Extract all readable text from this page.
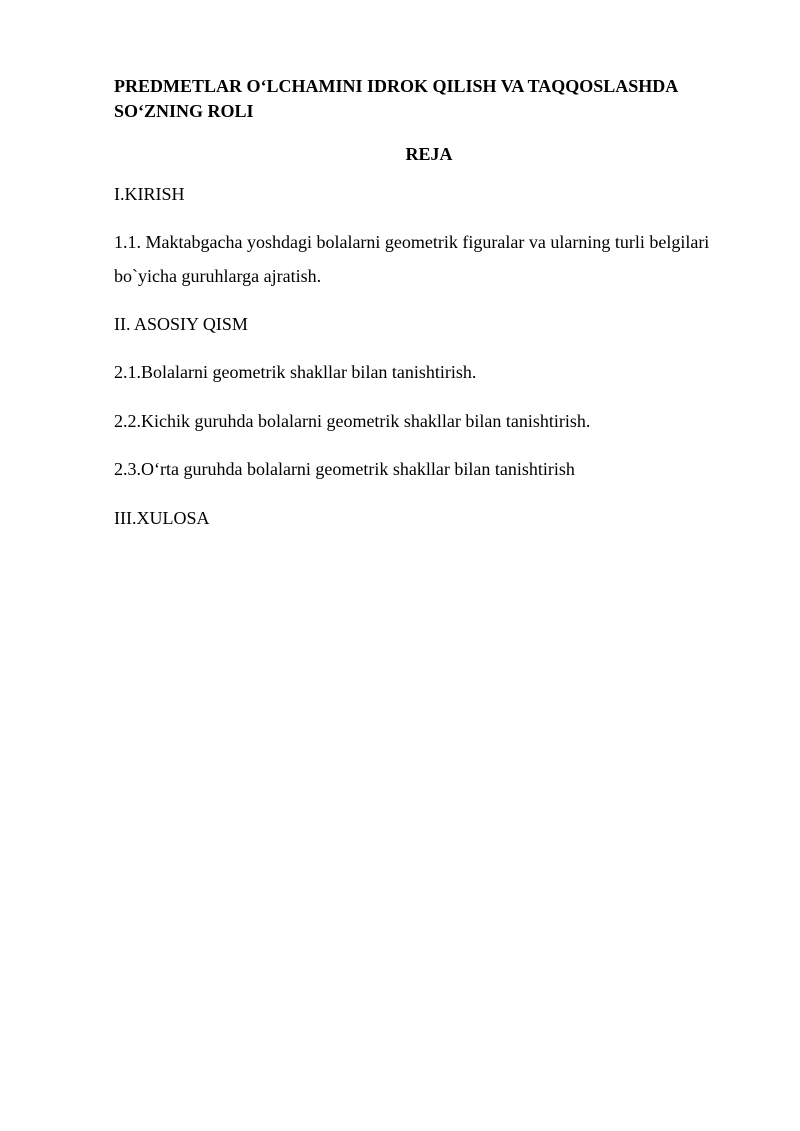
PREDMETLAR O‘LCHAMINI IDROK QILISH VA TAQQOSLASHDA
SO‘ZNING ROLI

REJA

I.KIRISH

1.1. Maktabgacha yoshdagi bolalarni geometrik figuralar va ularning turli belgilari

bo`yicha guruhlarga ajratish.

II. ASOSIY QISM

2.1.Bolalarni geometrik shakllar bilan tanishtirish.

2.2.Kichik guruhda bolalarni geometrik shakllar bilan tanishtirish.

2.3.O‘rta guruhda bolalarni geometrik shakllar bilan tanishtirish

III.XULOSA
